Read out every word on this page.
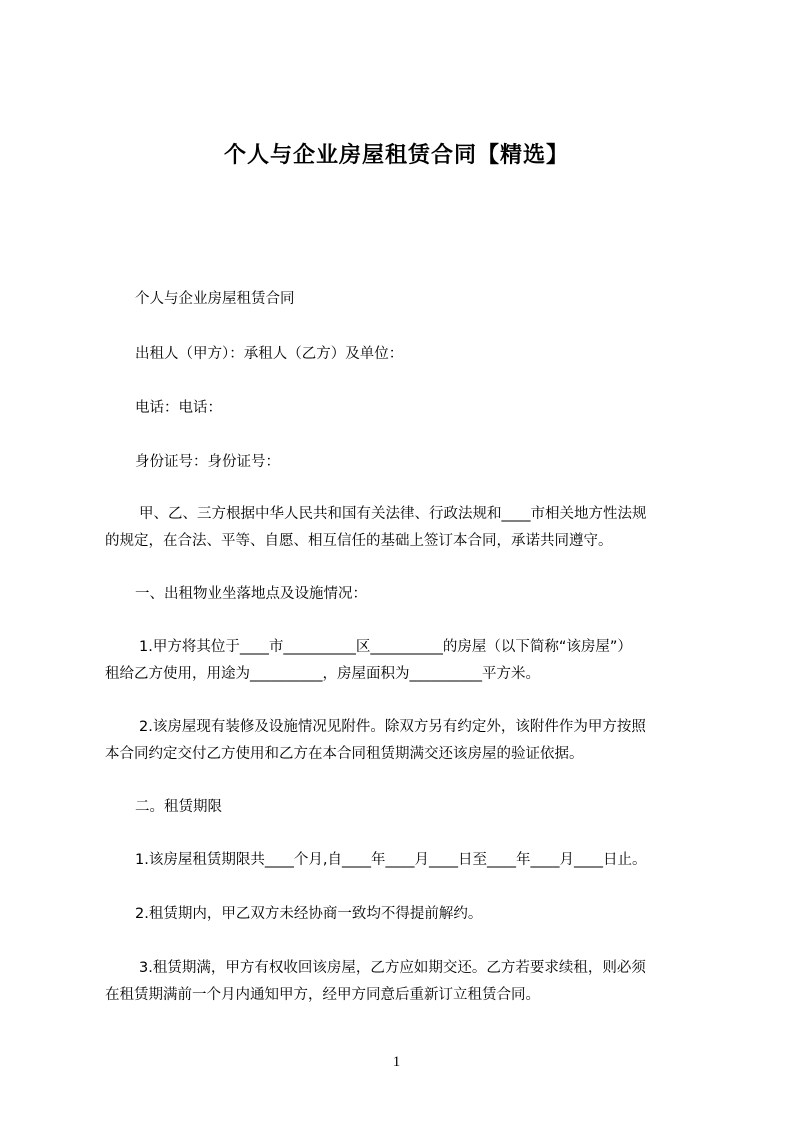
个人与企业房屋租赁合同【精选】
个人与企业房屋租赁合同
出租人（甲方）：承租人（乙方）及单位：
电话：电话：
身份证号：身份证号：
甲、乙、三方根据中华人民共和国有关法律、行政法规和____市相关地方性法规
的规定，在合法、平等、自愿、相互信任的基础上签订本合同，承诺共同遵守。
一、出租物业坐落地点及设施情况：
1.甲方将其位于____市__________区__________的房屋（以下简称“该房屋”）
租给乙方使用，用途为__________，房屋面积为__________平方米。
2.该房屋现有装修及设施情况见附件。除双方另有约定外，该附件作为甲方按照
本合同约定交付乙方使用和乙方在本合同租赁期满交还该房屋的验证依据。
二。租赁期限
1.该房屋租赁期限共____个月,自____年____月____日至____年____月____日止。
2.租赁期内，甲乙双方未经协商一致均不得提前解约。
3.租赁期满，甲方有权收回该房屋，乙方应如期交还。乙方若要求续租，则必须
在租赁期满前一个月内通知甲方，经甲方同意后重新订立租赁合同。
1
